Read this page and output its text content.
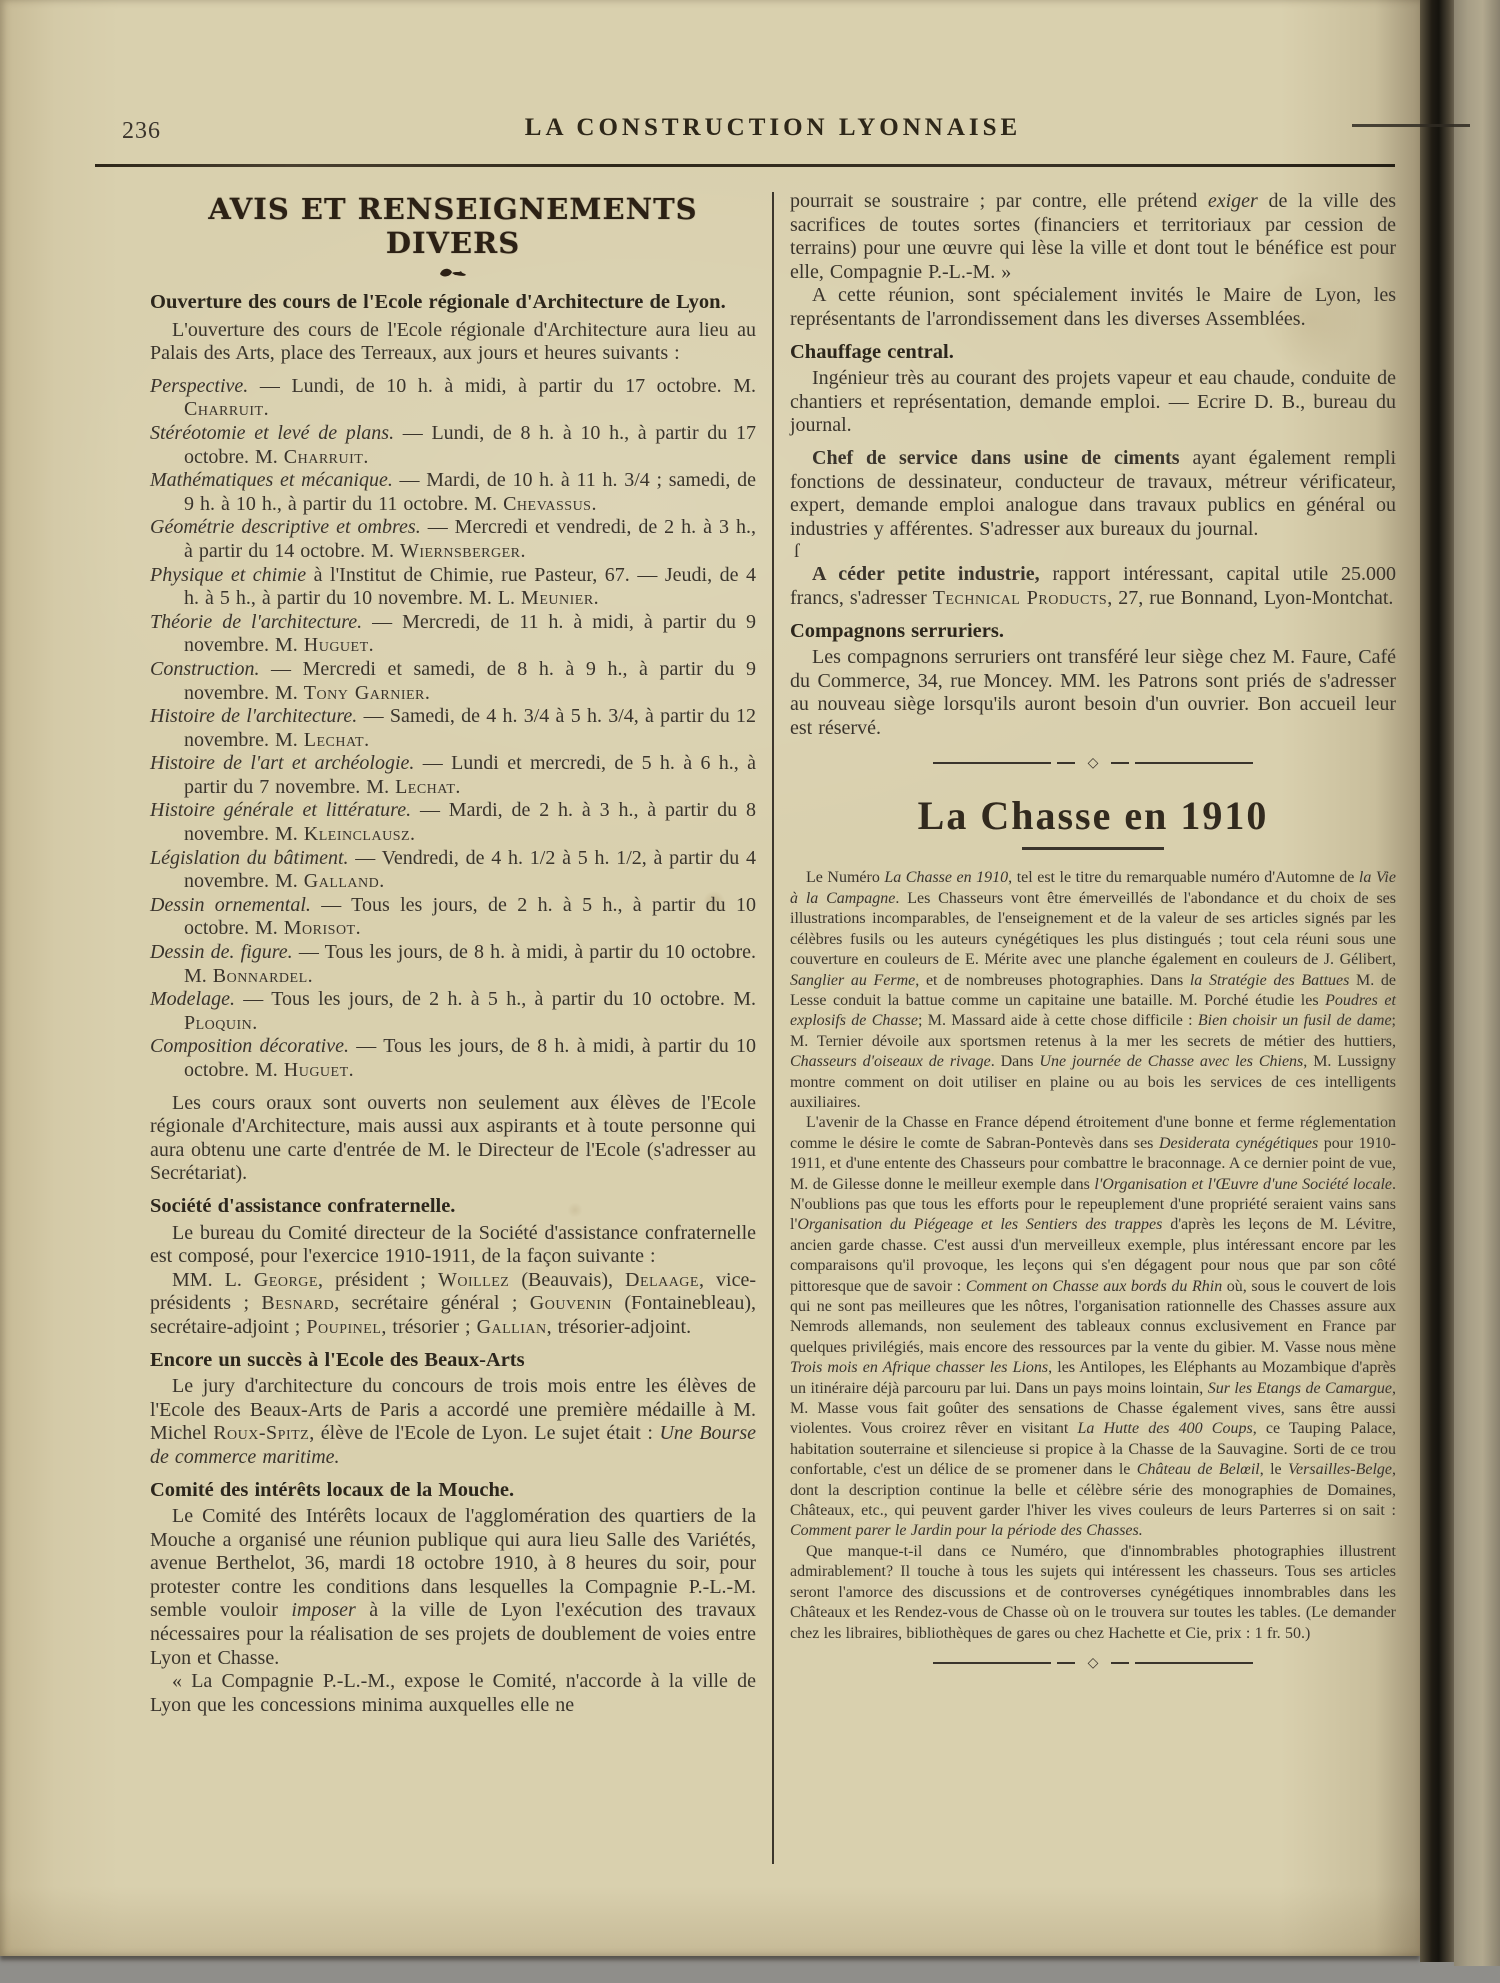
236	LA CONSTRUCTION LYONNAISE
AVIS ET RENSEIGNEMENTS DIVERS

Ouverture des cours de l'Ecole régionale d'Architecture de Lyon.

L'ouverture des cours de l'Ecole régionale d'Architecture aura lieu au Palais des Arts, place des Terreaux, aux jours et heures suivants :

Perspective. — Lundi, de 10 h. à midi, à partir du 17 octobre. M. Charruit.

Stéréotomie et levé de plans. — Lundi, de 8 h. à 10 h., à partir du 17 octobre. M. Charruit.

Mathématiques et mécanique. — Mardi, de 10 h. à 11 h. 3/4 ; samedi, de 9 h. à 10 h., à partir du 11 octobre. M. Chevassus.

Géométrie descriptive et ombres. — Mercredi et vendredi, de 2 h. à 3 h., à partir du 14 octobre. M. Wiernsberger.

Physique et chimie à l'Institut de Chimie, rue Pasteur, 67. — Jeudi, de 4 h. à 5 h., à partir du 10 novembre. M. L. Meunier.

Théorie de l'architecture. — Mercredi, de 11 h. à midi, à partir du 9 novembre. M. Huguet.

Construction. — Mercredi et samedi, de 8 h. à 9 h., à partir du 9 novembre. M. Tony Garnier.

Histoire de l'architecture. — Samedi, de 4 h. 3/4 à 5 h. 3/4, à partir du 12 novembre. M. Lechat.

Histoire de l'art et archéologie. — Lundi et mercredi, de 5 h. à 6 h., à partir du 7 novembre. M. Lechat.

Histoire générale et littérature. — Mardi, de 2 h. à 3 h., à partir du 8 novembre. M. Kleinclausz.

Législation du bâtiment. — Vendredi, de 4 h. 1/2 à 5 h. 1/2, à partir du 4 novembre. M. Galland.

Dessin ornemental. — Tous les jours, de 2 h. à 5 h., à partir du 10 octobre. M. Morisot.

Dessin de. figure. — Tous les jours, de 8 h. à midi, à partir du 10 octobre. M. Bonnardel.

Modelage. — Tous les jours, de 2 h. à 5 h., à partir du 10 octobre. M. Ploquin.

Composition décorative. — Tous les jours, de 8 h. à midi, à partir du 10 octobre. M. Huguet.

Les cours oraux sont ouverts non seulement aux élèves de l'Ecole régionale d'Architecture, mais aussi aux aspirants et à toute personne qui aura obtenu une carte d'entrée de M. le Directeur de l'Ecole (s'adresser au Secrétariat).

Société d'assistance confraternelle.

Le bureau du Comité directeur de la Société d'assistance confraternelle est composé, pour l'exercice 1910-1911, de la façon suivante :

MM. L. George, président ; Woillez (Beauvais), Delaage, vice-présidents ; Besnard, secrétaire général ; Gouvenin (Fontainebleau), secrétaire-adjoint ; Poupinel, trésorier ; Gallian, trésorier-adjoint.

Encore un succès à l'Ecole des Beaux-Arts

Le jury d'architecture du concours de trois mois entre les élèves de l'Ecole des Beaux-Arts de Paris a accordé une première médaille à M. Michel Roux-Spitz, élève de l'Ecole de Lyon. Le sujet était : Une Bourse de commerce maritime.

Comité des intérêts locaux de la Mouche.

Le Comité des Intérêts locaux de l'agglomération des quartiers de la Mouche a organisé une réunion publique qui aura lieu Salle des Variétés, avenue Berthelot, 36, mardi 18 octobre 1910, à 8 heures du soir, pour protester contre les conditions dans lesquelles la Compagnie P.-L.-M. semble vouloir imposer à la ville de Lyon l'exécution des travaux nécessaires pour la réalisation de ses projets de doublement de voies entre Lyon et Chasse.

« La Compagnie P.-L.-M., expose le Comité, n'accorde à la ville de Lyon que les concessions minima auxquelles elle ne

pourrait se soustraire ; par contre, elle prétend exiger de la ville des sacrifices de toutes sortes (financiers et territoriaux par cession de terrains) pour une œuvre qui lèse la ville et dont tout le bénéfice est pour elle, Compagnie P.-L.-M. »

A cette réunion, sont spécialement invités le Maire de Lyon, les représentants de l'arrondissement dans les diverses Assemblées.

Chauffage central.

Ingénieur très au courant des projets vapeur et eau chaude, conduite de chantiers et représentation, demande emploi. — Ecrire D. B., bureau du journal.

Chef de service dans usine de ciments ayant également rempli fonctions de dessinateur, conducteur de travaux, métreur vérificateur, expert, demande emploi analogue dans travaux publics en général ou industries y afférentes. S'adresser aux bureaux du journal.

ſ

A céder petite industrie, rapport intéressant, capital utile 25.000 francs, s'adresser Technical Products, 27, rue Bonnand, Lyon-Montchat.

Compagnons serruriers.

Les compagnons serruriers ont transféré leur siège chez M. Faure, Café du Commerce, 34, rue Moncey. MM. les Patrons sont priés de s'adresser au nouveau siège lorsqu'ils auront besoin d'un ouvrier. Bon accueil leur est réservé.

◇
La Chasse en 1910

Le Numéro La Chasse en 1910, tel est le titre du remarquable numéro d'Automne de la Vie à la Campagne. Les Chasseurs vont être émerveillés de l'abondance et du choix de ses illustrations incomparables, de l'enseignement et de la valeur de ses articles signés par les célèbres fusils ou les auteurs cynégétiques les plus distingués ; tout cela réuni sous une couverture en couleurs de E. Mérite avec une planche également en couleurs de J. Gélibert, Sanglier au Ferme, et de nombreuses photographies. Dans la Stratégie des Battues M. de Lesse conduit la battue comme un capitaine une bataille. M. Porché étudie les Poudres et explosifs de Chasse; M. Massard aide à cette chose difficile : Bien choisir un fusil de dame; M. Ternier dévoile aux sportsmen retenus à la mer les secrets de métier des huttiers, Chasseurs d'oiseaux de rivage. Dans Une journée de Chasse avec les Chiens, M. Lussigny montre comment on doit utiliser en plaine ou au bois les services de ces intelligents auxiliaires.

L'avenir de la Chasse en France dépend étroitement d'une bonne et ferme réglementation comme le désire le comte de Sabran-Pontevès dans ses Desiderata cynégétiques pour 1910-1911, et d'une entente des Chasseurs pour combattre le braconnage. A ce dernier point de vue, M. de Gilesse donne le meilleur exemple dans l'Organisation et l'Œuvre d'une Société locale. N'oublions pas que tous les efforts pour le repeuplement d'une propriété seraient vains sans l'Organisation du Piégeage et les Sentiers des trappes d'après les leçons de M. Lévitre, ancien garde chasse. C'est aussi d'un merveilleux exemple, plus intéressant encore par les comparaisons qu'il provoque, les leçons qui s'en dégagent pour nous que par son côté pittoresque que de savoir : Comment on Chasse aux bords du Rhin où, sous le couvert de lois qui ne sont pas meilleures que les nôtres, l'organisation rationnelle des Chasses assure aux Nemrods allemands, non seulement des tableaux connus exclusivement en France par quelques privilégiés, mais encore des ressources par la vente du gibier. M. Vasse nous mène Trois mois en Afrique chasser les Lions, les Antilopes, les Eléphants au Mozambique d'après un itinéraire déjà parcouru par lui. Dans un pays moins lointain, Sur les Etangs de Camargue, M. Masse vous fait goûter des sensations de Chasse également vives, sans être aussi violentes. Vous croirez rêver en visitant La Hutte des 400 Coups, ce Tauping Palace, habitation souterraine et silencieuse si propice à la Chasse de la Sauvagine. Sorti de ce trou confortable, c'est un délice de se promener dans le Château de Belœil, le Versailles-Belge, dont la description continue la belle et célèbre série des monographies de Domaines, Châteaux, etc., qui peuvent garder l'hiver les vives couleurs de leurs Parterres si on sait : Comment parer le Jardin pour la période des Chasses.

Que manque-t-il dans ce Numéro, que d'innombrables photographies illustrent admirablement? Il touche à tous les sujets qui intéressent les chasseurs. Tous ses articles seront l'amorce des discussions et de controverses cynégétiques innombrables dans les Châteaux et les Rendez-vous de Chasse où on le trouvera sur toutes les tables. (Le demander chez les libraires, bibliothèques de gares ou chez Hachette et Cie, prix : 1 fr. 50.)

◇
